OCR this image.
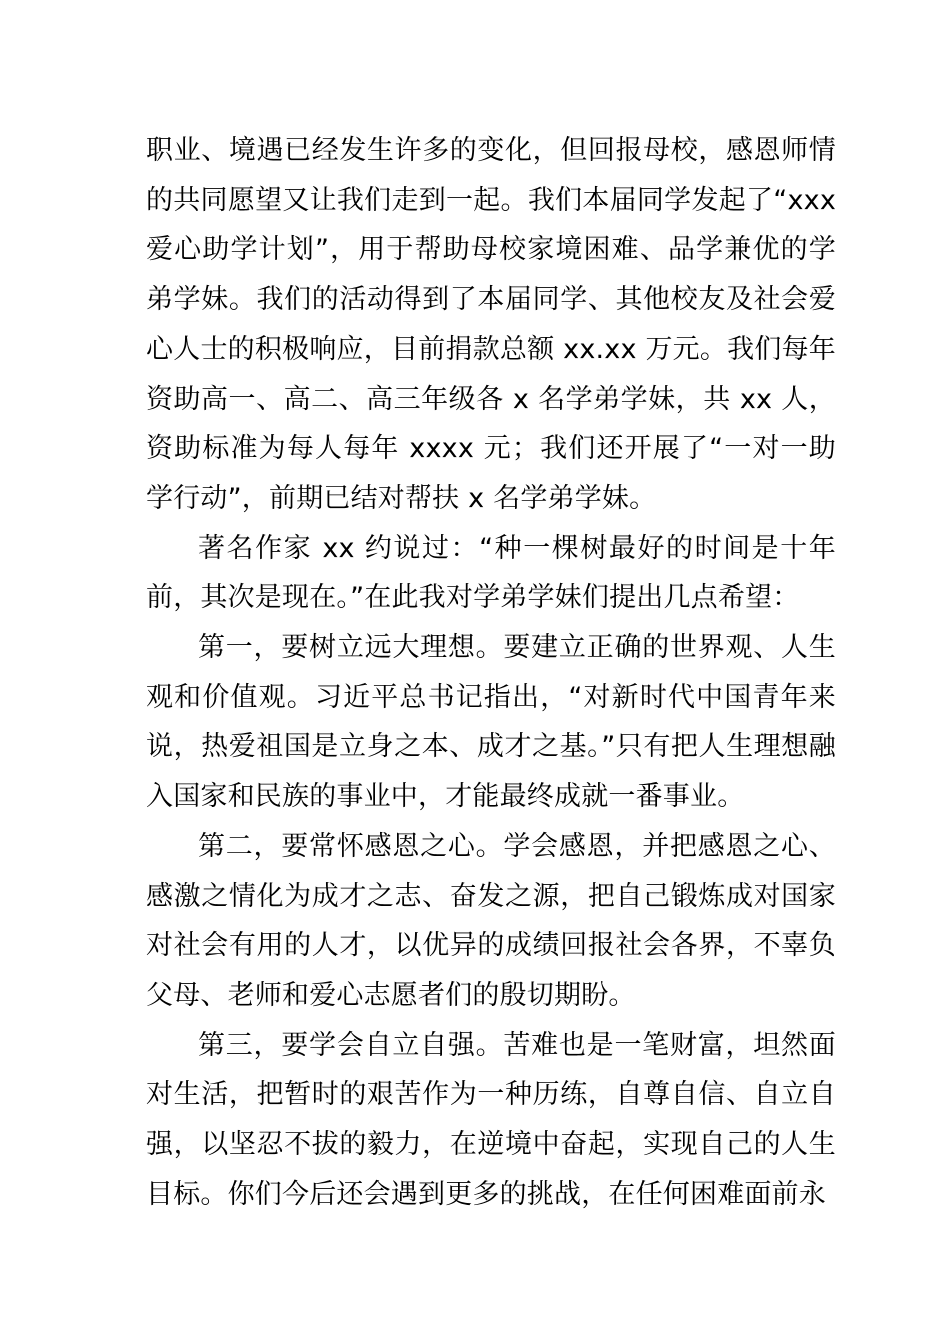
职业、境遇已经发生许多的变化，但回报母校，感恩师情的共同愿望又让我们走到一起。我们本届同学发起了“xxx爱心助学计划”，用于帮助母校家境困难、品学兼优的学弟学妹。我们的活动得到了本届同学、其他校友及社会爱心人士的积极响应，目前捐款总额 xx.xx 万元。我们每年资助高一、高二、高三年级各 x 名学弟学妹，共 xx 人，资助标准为每人每年 xxxx 元；我们还开展了“一对一助学行动”，前期已结对帮扶 x 名学弟学妹。

著名作家 xx 约说过：“种一棵树最好的时间是十年前，其次是现在。”在此我对学弟学妹们提出几点希望：

第一，要树立远大理想。要建立正确的世界观、人生观和价值观。习近平总书记指出，“对新时代中国青年来说，热爱祖国是立身之本、成才之基。”只有把人生理想融入国家和民族的事业中，才能最终成就一番事业。

第二，要常怀感恩之心。学会感恩，并把感恩之心、感激之情化为成才之志、奋发之源，把自己锻炼成对国家对社会有用的人才，以优异的成绩回报社会各界，不辜负父母、老师和爱心志愿者们的殷切期盼。

第三，要学会自立自强。苦难也是一笔财富，坦然面对生活，把暂时的艰苦作为一种历练，自尊自信、自立自强，以坚忍不拔的毅力，在逆境中奋起，实现自己的人生目标。你们今后还会遇到更多的挑战，在任何困难面前永
